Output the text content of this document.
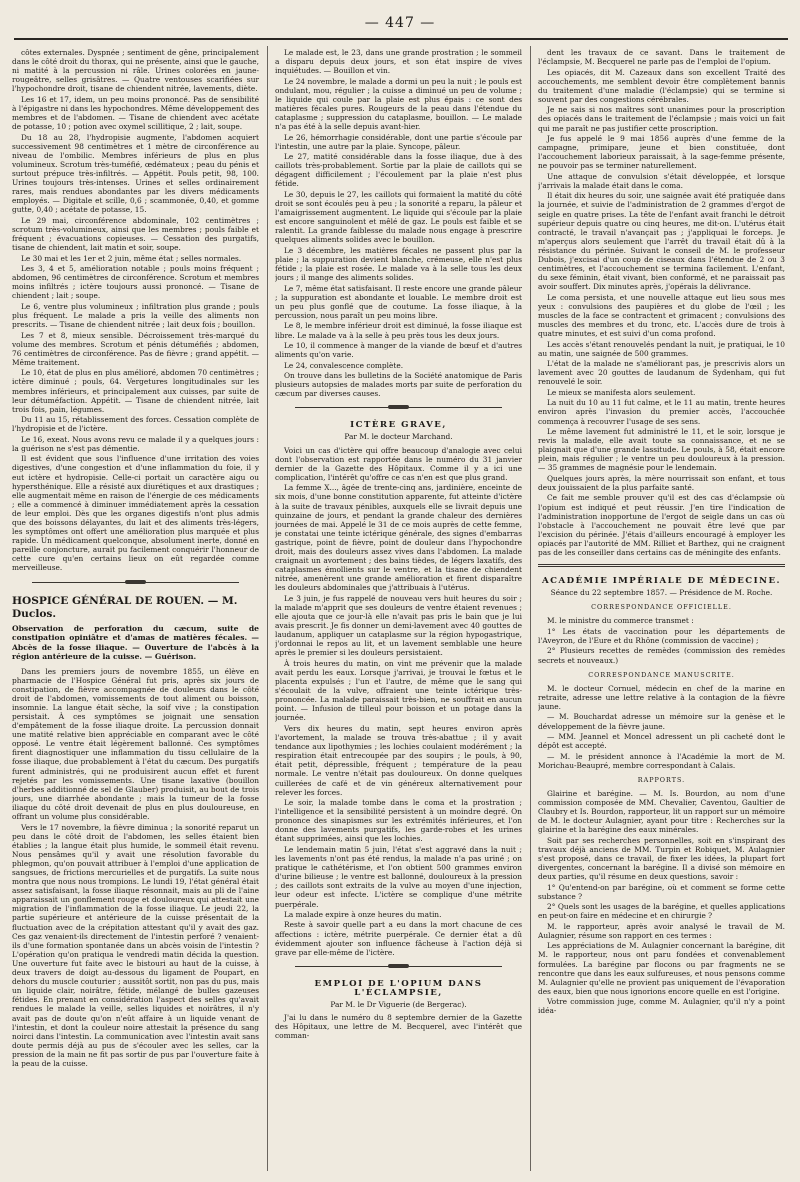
— 447 —

côtes externales. Dyspnée ; sentiment de gêne, principalement dans le côté droit du thorax, qui ne présente, ainsi que le gauche, ni matité à la percussion ni râle. Urines colorées en jaune-rougeâtre, selles grisâtres. — Quatre ventouses scarifiées sur l'hypochondre droit, tisane de chiendent nitrée, lavements, diète.

Les 16 et 17, idem, un peu moins prononcé. Pas de sensibilité à l'épigastre ni dans les hypochondres. Même développement des membres et de l'abdomen. — Tisane de chiendent avec acétate de potasse, 10 ; potion avec oxymel scillitique, 2 ; lait, soupe.

Du 18 au 28, l'hydropisie augmente, l'abdomen acquiert successivement 98 centimètres et 1 mètre de circonférence au niveau de l'ombilic. Membres inférieurs de plus en plus volumineux. Scrotum très-tuméfié, œdémateux ; peau du pénis et surtout prépuce très-infiltrés. — Appétit. Pouls petit, 98, 100. Urines toujours très-intenses. Urines et selles ordinairement rares, mais rendues abondantes par les divers médicaments employés. — Digitale et scille, 0,6 ; scammonée, 0,40, et gomme gutte, 0,40 ; acétate de potasse, 15.

Le 29 mai, circonférence abdominale, 102 centimètres ; scrotum très-volumineux, ainsi que les membres ; pouls faible et fréquent ; évacuations copieuses. — Cessation des purgatifs, tisane de chiendent, lait matin et soir, soupe.

Le 30 mai et les 1er et 2 juin, même état ; selles normales.

Les 3, 4 et 5, amélioration notable ; pouls moins fréquent ; abdomen, 96 centimètres de circonférence. Scrotum et membres moins infiltrés ; ictère toujours aussi prononcé. — Tisane de chiendent ; lait ; soupe.

Le 6, ventre plus volumineux ; infiltration plus grande ; pouls plus fréquent. Le malade a pris la veille des aliments non prescrits. — Tisane de chiendent nitrée ; lait deux fois ; bouillon.

Les 7 et 8, mieux sensible. Décroissement très-marqué du volume des membres. Scrotum et pénis détuméfiés ; abdomen, 76 centimètres de circonférence. Pas de fièvre ; grand appétit. — Même traitement.

Le 10, état de plus en plus amélioré, abdomen 70 centimètres ; ictère diminué ; pouls, 64. Vergetures longitudinales sur les membres inférieurs, et principalement aux cuisses, par suite de leur détuméfaction. Appétit. — Tisane de chiendent nitrée, lait trois fois, pain, légumes.

Du 11 au 15, rétablissement des forces. Cessation complète de l'hydropisie et de l'ictère.

Le 16, exeat. Nous avons revu ce malade il y a quelques jours : la guérison ne s'est pas démentie.

Il est évident que sous l'influence d'une irritation des voies digestives, d'une congestion et d'une inflammation du foie, il y eut ictère et hydropisie. Celle-ci portait un caractère aigu ou hypersthénique. Elle a résisté aux diurétiques et aux drastiques ; elle augmentait même en raison de l'énergie de ces médicaments ; elle a commencé à diminuer immédiatement après la cessation de leur emploi. Dès que les organes digestifs n'ont plus admis que des boissons délayantes, du lait et des aliments très-légers, les symptômes ont offert une amélioration plus marquée et plus rapide. Un médicament quelconque, absolument inerte, donné en pareille conjoncture, aurait pu facilement conquérir l'honneur de cette cure qu'en certains lieux on eût regardée comme merveilleuse.

HOSPICE GÉNÉRAL DE ROUEN. — M. Duclos.
Observation de perforation du cæcum, suite de constipation opiniâtre et d'amas de matières fécales. — Abcès de la fosse iliaque. — Ouverture de l'abcès à la région antérieure de la cuisse. — Guérison.

Dans les premiers jours de novembre 1855, un élève en pharmacie de l'Hospice Général fut pris, après six jours de constipation, de fièvre accompagnée de douleurs dans le côté droit de l'abdomen, vomissements de tout aliment ou boisson, insomnie. La langue était sèche, la soif vive ; la constipation persistait. À ces symptômes se joignait une sensation d'empâtement de la fosse iliaque droite. La percussion donnait une matité relative bien appréciable en comparant avec le côté opposé. Le ventre était légèrement ballonné. Ces symptômes firent diagnostiquer une inflammation du tissu cellulaire de la fosse iliaque, due probablement à l'état du cæcum. Des purgatifs furent administrés, qui ne produisirent aucun effet et furent rejetés par les vomissements. Une tisane laxative (bouillon d'herbes additionné de sel de Glauber) produisit, au bout de trois jours, une diarrhée abondante ; mais la tumeur de la fosse iliaque du côté droit devenait de plus en plus douloureuse, en offrant un volume plus considérable.

Vers le 17 novembre, la fièvre diminua ; la sonorité reparut un peu dans le côté droit de l'abdomen, les selles étaient bien établies ; la langue était plus humide, le sommeil était revenu. Nous pensâmes qu'il y avait une résolution favorable du phlegmon, qu'on pouvait attribuer à l'emploi d'une application de sangsues, de frictions mercurielles et de purgatifs. La suite nous montra que nous nous trompions. Le lundi 19, l'état général était assez satisfaisant, la fosse iliaque résonnait, mais au pli de l'aine apparaissait un gonflement rouge et douloureux qui attestait une migration de l'inflammation de la fosse iliaque. Le jeudi 22, la partie supérieure et antérieure de la cuisse présentait de la fluctuation avec de la crépitation attestant qu'il y avait des gaz. Ces gaz venaient-ils directement de l'intestin perforé ? venaient-ils d'une formation spontanée dans un abcès voisin de l'intestin ? L'opération qu'on pratiqua le vendredi matin décida la question. Une ouverture fut faite avec le bistouri au haut de la cuisse, à deux travers de doigt au-dessous du ligament de Poupart, en dehors du muscle couturier ; aussitôt sortit, non pas du pus, mais un liquide clair, noirâtre, fétide, mélangé de bulles gazeuses fétides. En prenant en considération l'aspect des selles qu'avait rendues le malade la veille, selles liquides et noirâtres, il n'y avait pas de doute qu'on n'eût affaire à un liquide venant de l'intestin, et dont la couleur noire attestait la présence du sang noirci dans l'intestin. La communication avec l'intestin avait sans doute permis déjà au pus de s'écouler avec les selles, car la pression de la main ne fit pas sortir de pus par l'ouverture faite à la peau de la cuisse.

Le malade est, le 23, dans une grande prostration ; le sommeil a disparu depuis deux jours, et son état inspire de vives inquiétudes. — Bouillon et vin.

Le 24 novembre, le malade a dormi un peu la nuit ; le pouls est ondulant, mou, régulier ; la cuisse a diminué un peu de volume ; le liquide qui coule par la plaie est plus épais : ce sont des matières fécales pures. Rougeurs de la peau dans l'étendue du cataplasme ; suppression du cataplasme, bouillon. — Le malade n'a pas été à la selle depuis avant-hier.

Le 26, hémorrhagie considérable, dont une partie s'écoule par l'intestin, une autre par la plaie. Syncope, pâleur.

Le 27, matité considérable dans la fosse iliaque, due à des caillots très-probablement. Sortie par la plaie de caillots qui se dégagent difficilement ; l'écoulement par la plaie n'est plus fétide.

Le 30, depuis le 27, les caillots qui formaient la matité du côté droit se sont écoulés peu à peu ; la sonorité a reparu, la pâleur et l'amaigrissement augmentent. Le liquide qui s'écoule par la plaie est encore sanguinolent et mêlé de gaz. Le pouls est faible et se ralentit. La grande faiblesse du malade nous engage à prescrire quelques aliments solides avec le bouillon.

Le 3 décembre, les matières fécales ne passent plus par la plaie ; la suppuration devient blanche, crémeuse, elle n'est plus fétide ; la plaie est rosée. Le malade va à la selle tous les deux jours ; il mange des aliments solides.

Le 7, même état satisfaisant. Il reste encore une grande pâleur ; la suppuration est abondante et louable. Le membre droit est un peu plus gonflé que de coutume. La fosse iliaque, à la percussion, nous paraît un peu moins libre.

Le 8, le membre inférieur droit est diminué, la fosse iliaque est libre. Le malade va à la selle à peu près tous les deux jours.

Le 10, il commence à manger de la viande de bœuf et d'autres aliments qu'on varie.

Le 24, convalescence complète.

On trouve dans les bulletins de la Société anatomique de Paris plusieurs autopsies de malades morts par suite de perforation du cæcum par diverses causes.

ICTÈRE GRAVE,

Par M. le docteur Marchand.

Voici un cas d'ictère qui offre beaucoup d'analogie avec celui dont l'observation est rapportée dans le numéro du 31 janvier dernier de la Gazette des Hôpitaux. Comme il y a ici une complication, l'intérêt qu'offre ce cas n'en est que plus grand.

La femme X..., âgée de trente-cinq ans, jardinière, enceinte de six mois, d'une bonne constitution apparente, fut atteinte d'ictère à la suite de travaux pénibles, auxquels elle se livrait depuis une quinzaine de jours, et pendant la grande chaleur des dernières journées de mai. Appelé le 31 de ce mois auprès de cette femme, je constatai une teinte ictérique générale, des signes d'embarras gastrique, point de fièvre, point de douleur dans l'hypochondre droit, mais des douleurs assez vives dans l'abdomen. La malade craignait un avortement ; des bains tièdes, de légers laxatifs, des cataplasmes émollients sur le ventre, et la tisane de chiendent nitrée, amenèrent une grande amélioration et firent disparaître les douleurs abdominales que j'attribuais à l'utérus.

Le 3 juin, je fus rappelé de nouveau vers huit heures du soir ; la malade m'apprit que ses douleurs de ventre étaient revenues ; elle ajouta que ce jour-là elle n'avait pas pris le bain que je lui avais prescrit. Je fis donner un demi-lavement avec 40 gouttes de laudanum, appliquer un cataplasme sur la région hypogastrique, j'ordonnai le repos au lit, et un lavement semblable une heure après le premier si les douleurs persistaient.

À trois heures du matin, on vint me prévenir que la malade avait perdu les eaux. Lorsque j'arrivai, je trouvai le fœtus et le placenta expulsés ; l'un et l'autre, de même que le sang qui s'écoulait de la vulve, offraient une teinte ictérique très-prononcée. La malade paraissait très-bien, ne souffrait en aucun point. — Infusion de tilleul pour boisson et un potage dans la journée.

Vers dix heures du matin, sept heures environ après l'avortement, la malade se trouva très-abattue ; il y avait tendance aux lipothymies ; les lochies coulaient modérément ; la respiration était entrecoupée par des soupirs ; le pouls, à 90, était petit, dépressible, fréquent ; température de la peau normale. Le ventre n'était pas douloureux. On donne quelques cuillerées de café et de vin généreux alternativement pour relever les forces.

Le soir, la malade tombe dans le coma et la prostration ; l'intelligence et la sensibilité persistent à un moindre degré. On prononce des sinapismes sur les extrémités inférieures, et l'on donne des lavements purgatifs, les garde-robes et les urines étant supprimées, ainsi que les lochies.

Le lendemain matin 5 juin, l'état s'est aggravé dans la nuit ; les lavements n'ont pas été rendus, la malade n'a pas uriné ; on pratique le cathétérisme, et l'on obtient 500 grammes environ d'urine bilieuse ; le ventre est ballonné, douloureux à la pression ; des caillots sont extraits de la vulve au moyen d'une injection, leur odeur est infecte. L'ictère se complique d'une métrite puerpérale.

La malade expire à onze heures du matin.

Reste à savoir quelle part a eu dans la mort chacune de ces affections : ictère, métrite puerpérale. Ce dernier état a dû évidemment ajouter son influence fâcheuse à l'action déjà si grave par elle-même de l'ictère.

EMPLOI DE L'OPIUM DANS L'ÉCLAMPSIE,

Par M. le Dr Viguerie (de Bergerac).

J'ai lu dans le numéro du 8 septembre dernier de la Gazette des Hôpitaux, une lettre de M. Becquerel, avec l'intérêt que comman-

dent les travaux de ce savant. Dans le traitement de l'éclampsie, M. Becquerel ne parle pas de l'emploi de l'opium.

Les opiacés, dit M. Cazeaux dans son excellent Traité des accouchements, me semblent devoir être complètement bannis du traitement d'une maladie (l'éclampsie) qui se termine si souvent par des congestions cérébrales.

Je ne sais si nos maîtres sont unanimes pour la proscription des opiacés dans le traitement de l'éclampsie ; mais voici un fait qui me paraît ne pas justifier cette proscription.

Je fus appelé le 9 mai 1856 auprès d'une femme de la campagne, primipare, jeune et bien constituée, dont l'accouchement laborieux paraissait, à la sage-femme présente, ne pouvoir pas se terminer naturellement.

Une attaque de convulsion s'était développée, et lorsque j'arrivais la malade était dans le coma.

Il était dix heures du soir, une saignée avait été pratiquée dans la journée, et suivie de l'administration de 2 grammes d'ergot de seigle en quatre prises. La tête de l'enfant avait franchi le détroit supérieur depuis quatre ou cinq heures, me dit-on. L'utérus était contracté, le travail n'avançait pas ; j'appliquai le forceps. Je m'aperçus alors seulement que l'arrêt du travail était dû à la résistance du périnée. Suivant le conseil de M. le professeur Dubois, j'excisai d'un coup de ciseaux dans l'étendue de 2 ou 3 centimètres, et l'accouchement se termina facilement. L'enfant, du sexe féminin, était vivant, bien conformé, et ne paraissait pas avoir souffert. Dix minutes après, j'opérais la délivrance.

Le coma persista, et une nouvelle attaque eut lieu sous mes yeux : convulsions des paupières et du globe de l'œil ; les muscles de la face se contractent et grimacent ; convulsions des muscles des membres et du tronc, etc. L'accès dure de trois à quatre minutes, et est suivi d'un coma profond.

Les accès s'étant renouvelés pendant la nuit, je pratiquai, le 10 au matin, une saignée de 500 grammes.

L'état de la malade ne s'améliorant pas, je prescrivis alors un lavement avec 20 gouttes de laudanum de Sydenham, qui fut renouvelé le soir.

Le mieux se manifesta alors seulement.

La nuit du 10 au 11 fut calme, et le 11 au matin, trente heures environ après l'invasion du premier accès, l'accouchée commença à recouvrer l'usage de ses sens.

Le même lavement fut administré le 11, et le soir, lorsque je revis la malade, elle avait toute sa connaissance, et ne se plaignait que d'une grande lassitude. Le pouls, à 58, était encore plein, mais régulier ; le ventre un peu douloureux à la pression. — 35 grammes de magnésie pour le lendemain.

Quelques jours après, la mère nourrissait son enfant, et tous deux jouissaient de la plus parfaite santé.

Ce fait me semble prouver qu'il est des cas d'éclampsie où l'opium est indiqué et peut réussir. J'en tire l'indication de l'administration inopportune de l'ergot de seigle dans un cas où l'obstacle à l'accouchement ne pouvait être levé que par l'excision du périnée. J'étais d'ailleurs encouragé à employer les opiacés par l'autorité de MM. Rilliet et Barthez, qui ne craignent pas de les conseiller dans certains cas de méningite des enfants.

ACADÉMIE IMPÉRIALE DE MÉDECINE.

Séance du 22 septembre 1857. — Présidence de M. Roche.

CORRESPONDANCE OFFICIELLE.

M. le ministre du commerce transmet :

1° Les états de vaccination pour les départements de l'Aveyron, de l'Eure et du Rhône (commission de vaccine) ;

2° Plusieurs recettes de remèdes (commission des remèdes secrets et nouveaux.)

CORRESPONDANCE MANUSCRITE.

M. le docteur Cornuel, médecin en chef de la marine en retraite, adresse une lettre relative à la contagion de la fièvre jaune.

— M. Bouchardat adresse un mémoire sur la genèse et le développement de la fièvre jaune.

— MM. Jeannel et Moncel adressent un pli cacheté dont le dépôt est accepté.

— M. le président annonce à l'Académie la mort de M. Morichau-Beaupré, membre correspondant à Calais.

RAPPORTS.

Glairine et barégine. — M. Is. Bourdon, au nom d'une commission composée de MM. Chevalier, Caventou, Gaultier de Claubry et Is. Bourdon, rapporteur, lit un rapport sur un mémoire de M. le docteur Aulagnier, ayant pour titre : Recherches sur la glairine et la barégine des eaux minérales.

Soit par ses recherches personnelles, soit en s'inspirant des travaux déjà anciens de MM. Turpin et Robiquet, M. Aulagnier s'est proposé, dans ce travail, de fixer les idées, la plupart fort divergentes, concernant la barégine. Il a divisé son mémoire en deux parties, qu'il résume en deux questions, savoir :

1° Qu'entend-on par barégine, où et comment se forme cette substance ?

2° Quels sont les usages de la barégine, et quelles applications en peut-on faire en médecine et en chirurgie ?

M. le rapporteur, après avoir analysé le travail de M. Aulagnier, résume son rapport en ces termes :

Les appréciations de M. Aulagnier concernant la barégine, dit M. le rapporteur, nous ont paru fondées et convenablement formulées. La barégine par flocons ou par fragments ne se rencontre que dans les eaux sulfureuses, et nous pensons comme M. Aulagnier qu'elle ne provient pas uniquement de l'évaporation des eaux, bien que nous ignorions encore quelle en est l'origine.

Votre commission juge, comme M. Aulagnier, qu'il n'y a point idéa-
